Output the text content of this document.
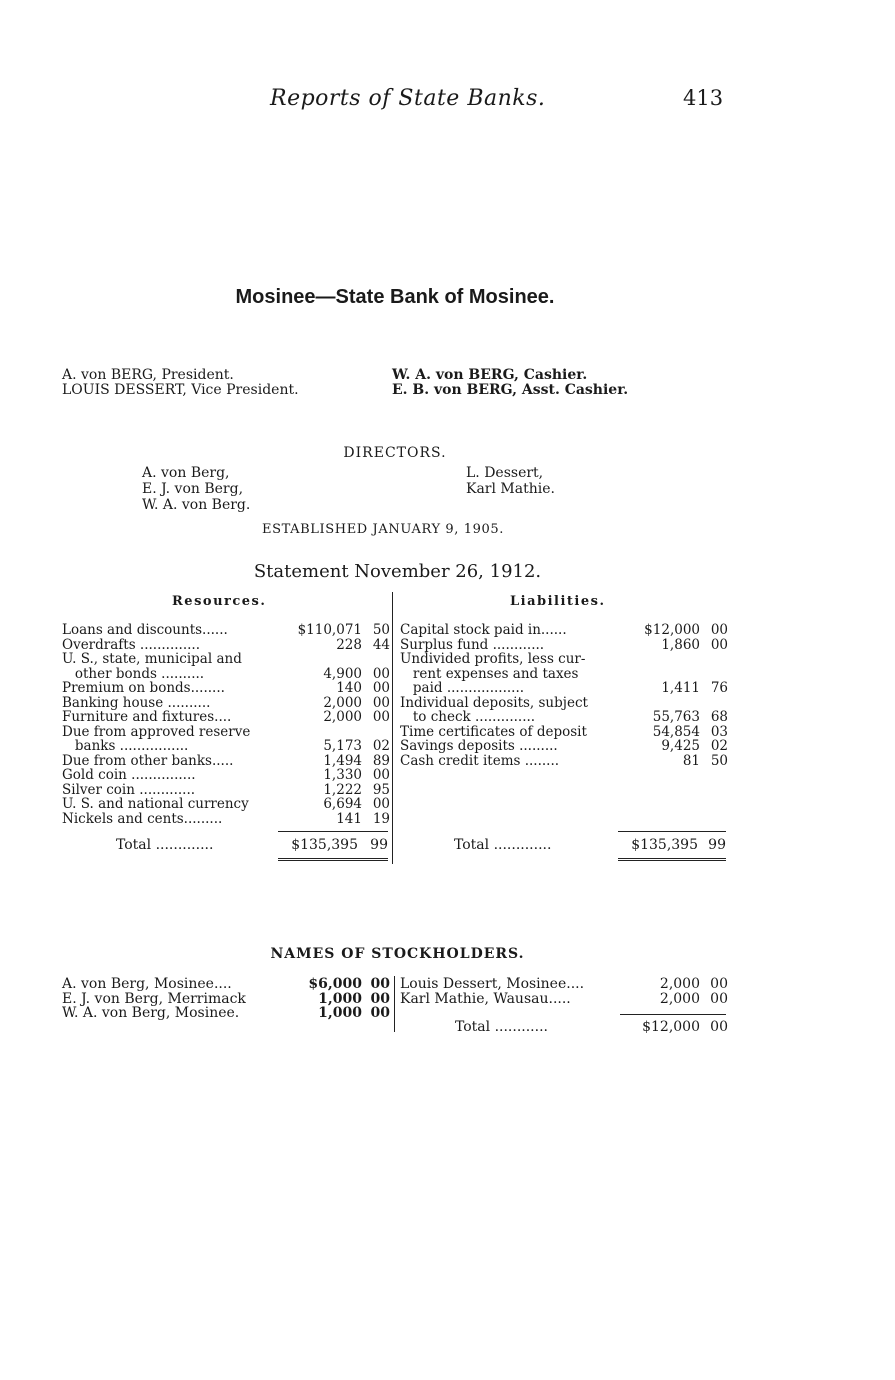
Reports of State Banks.	413
Mosinee—State Bank of Mosinee.
A. von BERG, President.
LOUIS DESSERT, Vice President.
W. A. von BERG, Cashier.
E. B. von BERG, Asst. Cashier.
DIRECTORS.
A. von Berg,
E. J. von Berg,
W. A. von Berg.
L. Dessert,
Karl Mathie.
ESTABLISHED JANUARY 9, 1905.
Statement November 26, 1912.
Resources.	Liabilities.
Loans and discounts......	$110,071 50
Overdrafts ..............	228 44
U. S., state, municipal and
other bonds ..........	4,900 00
Premium on bonds........	140 00
Banking house ..........	2,000 00
Furniture and fixtures....	2,000 00
Due from approved reserve
banks ................	5,173 02
Due from other banks.....	1,494 89
Gold coin ...............	1,330 00
Silver coin .............	1,222 95
U. S. and national currency	6,694 00
Nickels and cents.........	141 19
Capital stock paid in......	$12,000 00
Surplus fund ............	1,860 00
Undivided profits, less cur-
rent expenses and taxes
paid ..................	1,411 76
Individual deposits, subject
to check ..............	55,763 68
Time certificates of deposit	54,854 03
Savings deposits .........	9,425 02
Cash credit items ........	81 50
Total .............	$135,395 99	Total .............	$135,395 99
NAMES OF STOCKHOLDERS.
A. von Berg, Mosinee....	$6,000 00
E. J. von Berg, Merrimack	1,000 00
W. A. von Berg, Mosinee.	1,000 00
Louis Dessert, Mosinee....	2,000 00
Karl Mathie, Wausau.....	2,000 00
Total ............	$12,000 00
